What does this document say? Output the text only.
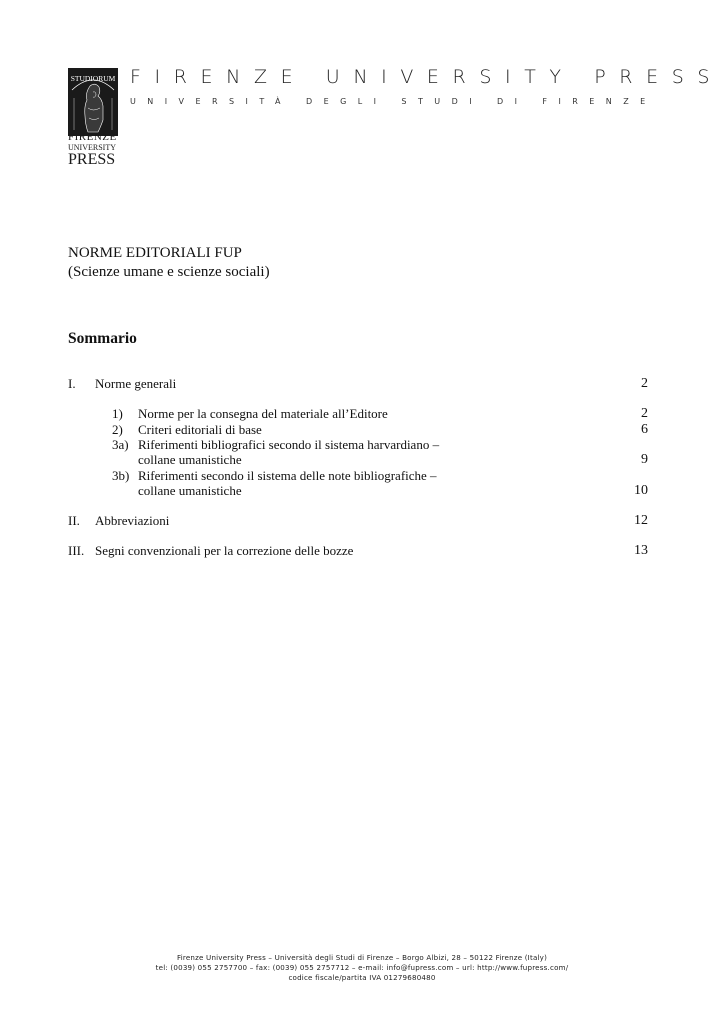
STUDIORUM
FIRENZE
UNIVERSITY
PRESS
FIRENZE UNIVERSITY PRESS
UNIVERSITÀ DEGLI STUDI DI FIRENZE
NORME EDITORIALI FUP
(Scienze umane e scienze sociali)
Sommario
I. Norme generali	2
1) Norme per la consegna del materiale all’Editore	2
2) Criteri editoriali di base	6
3a) Riferimenti bibliografici secondo il sistema harvardiano –
collane umanistiche	9
3b) Riferimenti secondo il sistema delle note bibliografiche –
collane umanistiche	10
II. Abbreviazioni	12
III. Segni convenzionali per la correzione delle bozze	13
Firenze University Press – Università degli Studi di Firenze – Borgo Albizi, 28 – 50122 Firenze (Italy)
tel: (0039) 055 2757700 – fax: (0039) 055 2757712 – e-mail: info@fupress.com – url: http://www.fupress.com/
codice fiscale/partita IVA 01279680480
